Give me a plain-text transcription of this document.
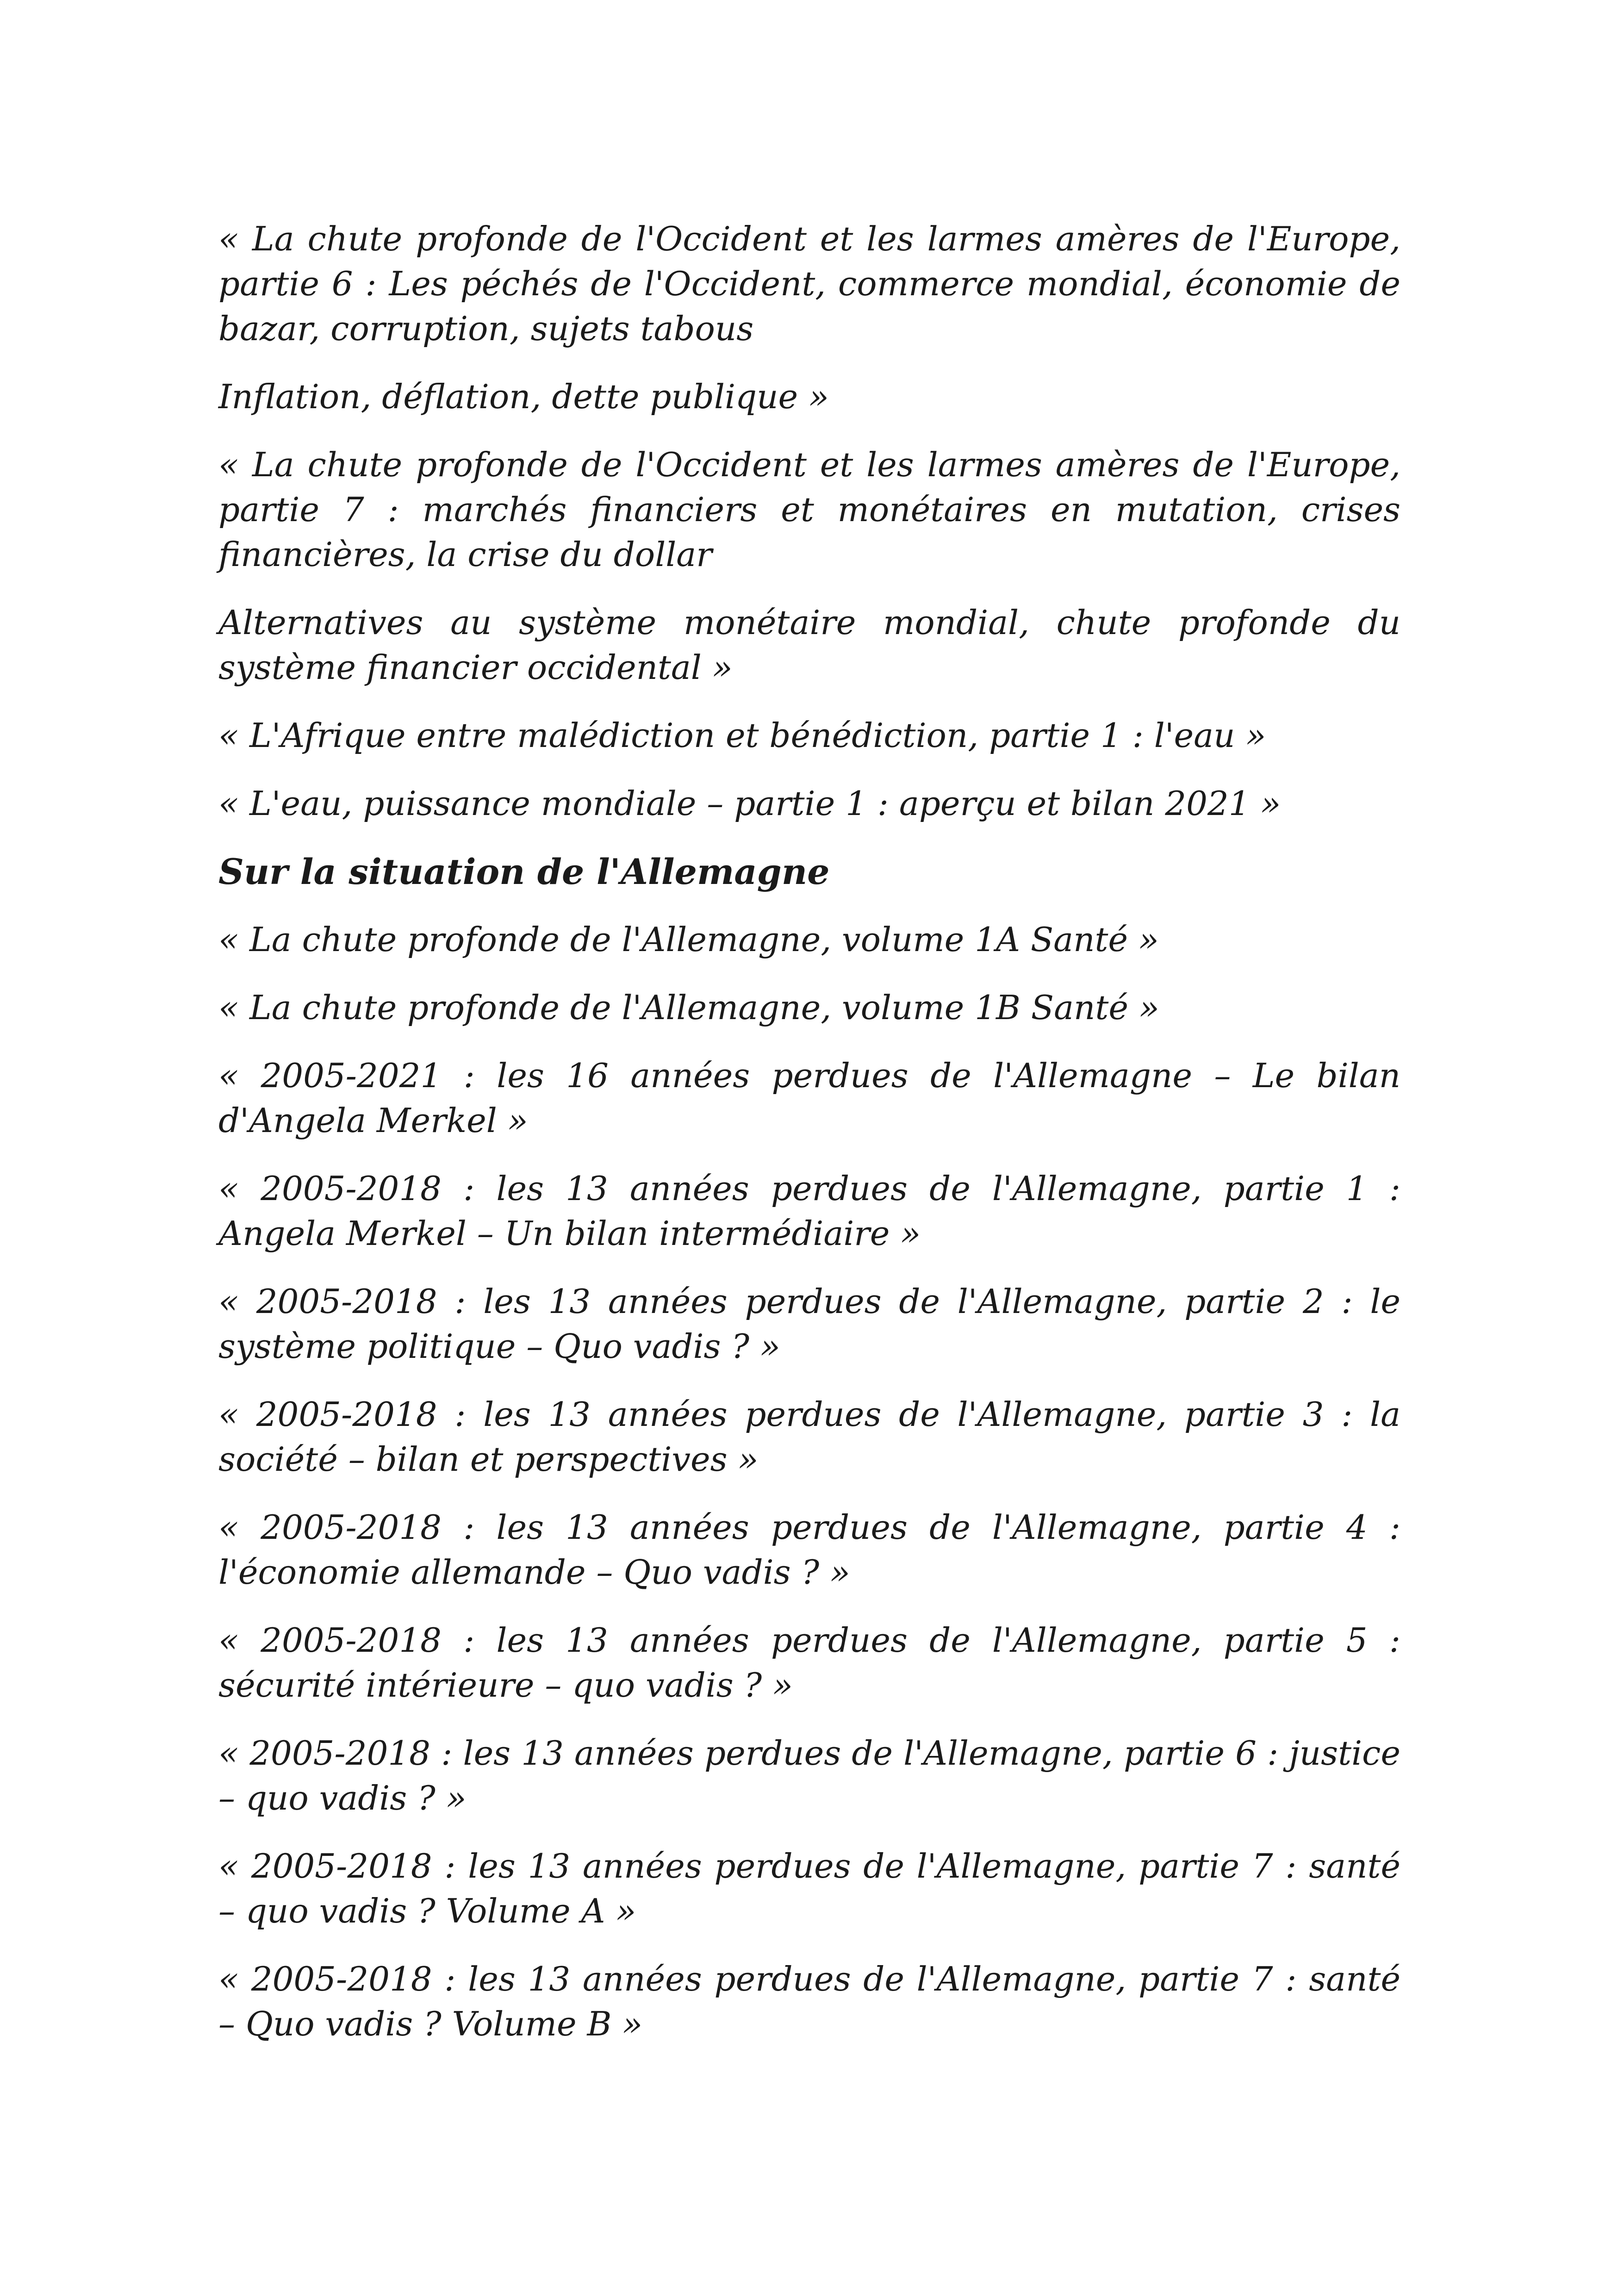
« La chute profonde de l'Occident et les larmes amères de l'Europe, partie 6 : Les péchés de l'Occident, commerce mondial, économie de bazar, corruption, sujets tabous

Inflation, déflation, dette publique »

« La chute profonde de l'Occident et les larmes amères de l'Europe, partie 7 : marchés financiers et monétaires en mutation, crises financières, la crise du dollar

Alternatives au système monétaire mondial, chute profonde du système financier occidental »

« L'Afrique entre malédiction et bénédiction, partie 1 : l'eau »

« L'eau, puissance mondiale – partie 1 : aperçu et bilan 2021 »

Sur la situation de l'Allemagne

« La chute profonde de l'Allemagne, volume 1A Santé »

« La chute profonde de l'Allemagne, volume 1B Santé »

« 2005-2021 : les 16 années perdues de l'Allemagne – Le bilan d'Angela Merkel »

« 2005-2018 : les 13 années perdues de l'Allemagne, partie 1 : Angela Merkel – Un bilan intermédiaire »

« 2005-2018 : les 13 années perdues de l'Allemagne, partie 2 : le système politique – Quo vadis ? »

« 2005-2018 : les 13 années perdues de l'Allemagne, partie 3 : la société – bilan et perspectives »

« 2005-2018 : les 13 années perdues de l'Allemagne, partie 4 : l'économie allemande – Quo vadis ? »

« 2005-2018 : les 13 années perdues de l'Allemagne, partie 5 : sécurité intérieure – quo vadis ? »

« 2005-2018 : les 13 années perdues de l'Allemagne, partie 6 : justice – quo vadis ? »

« 2005-2018 : les 13 années perdues de l'Allemagne, partie 7 : santé – quo vadis ? Volume A »

« 2005-2018 : les 13 années perdues de l'Allemagne, partie 7 : santé – Quo vadis ? Volume B »
